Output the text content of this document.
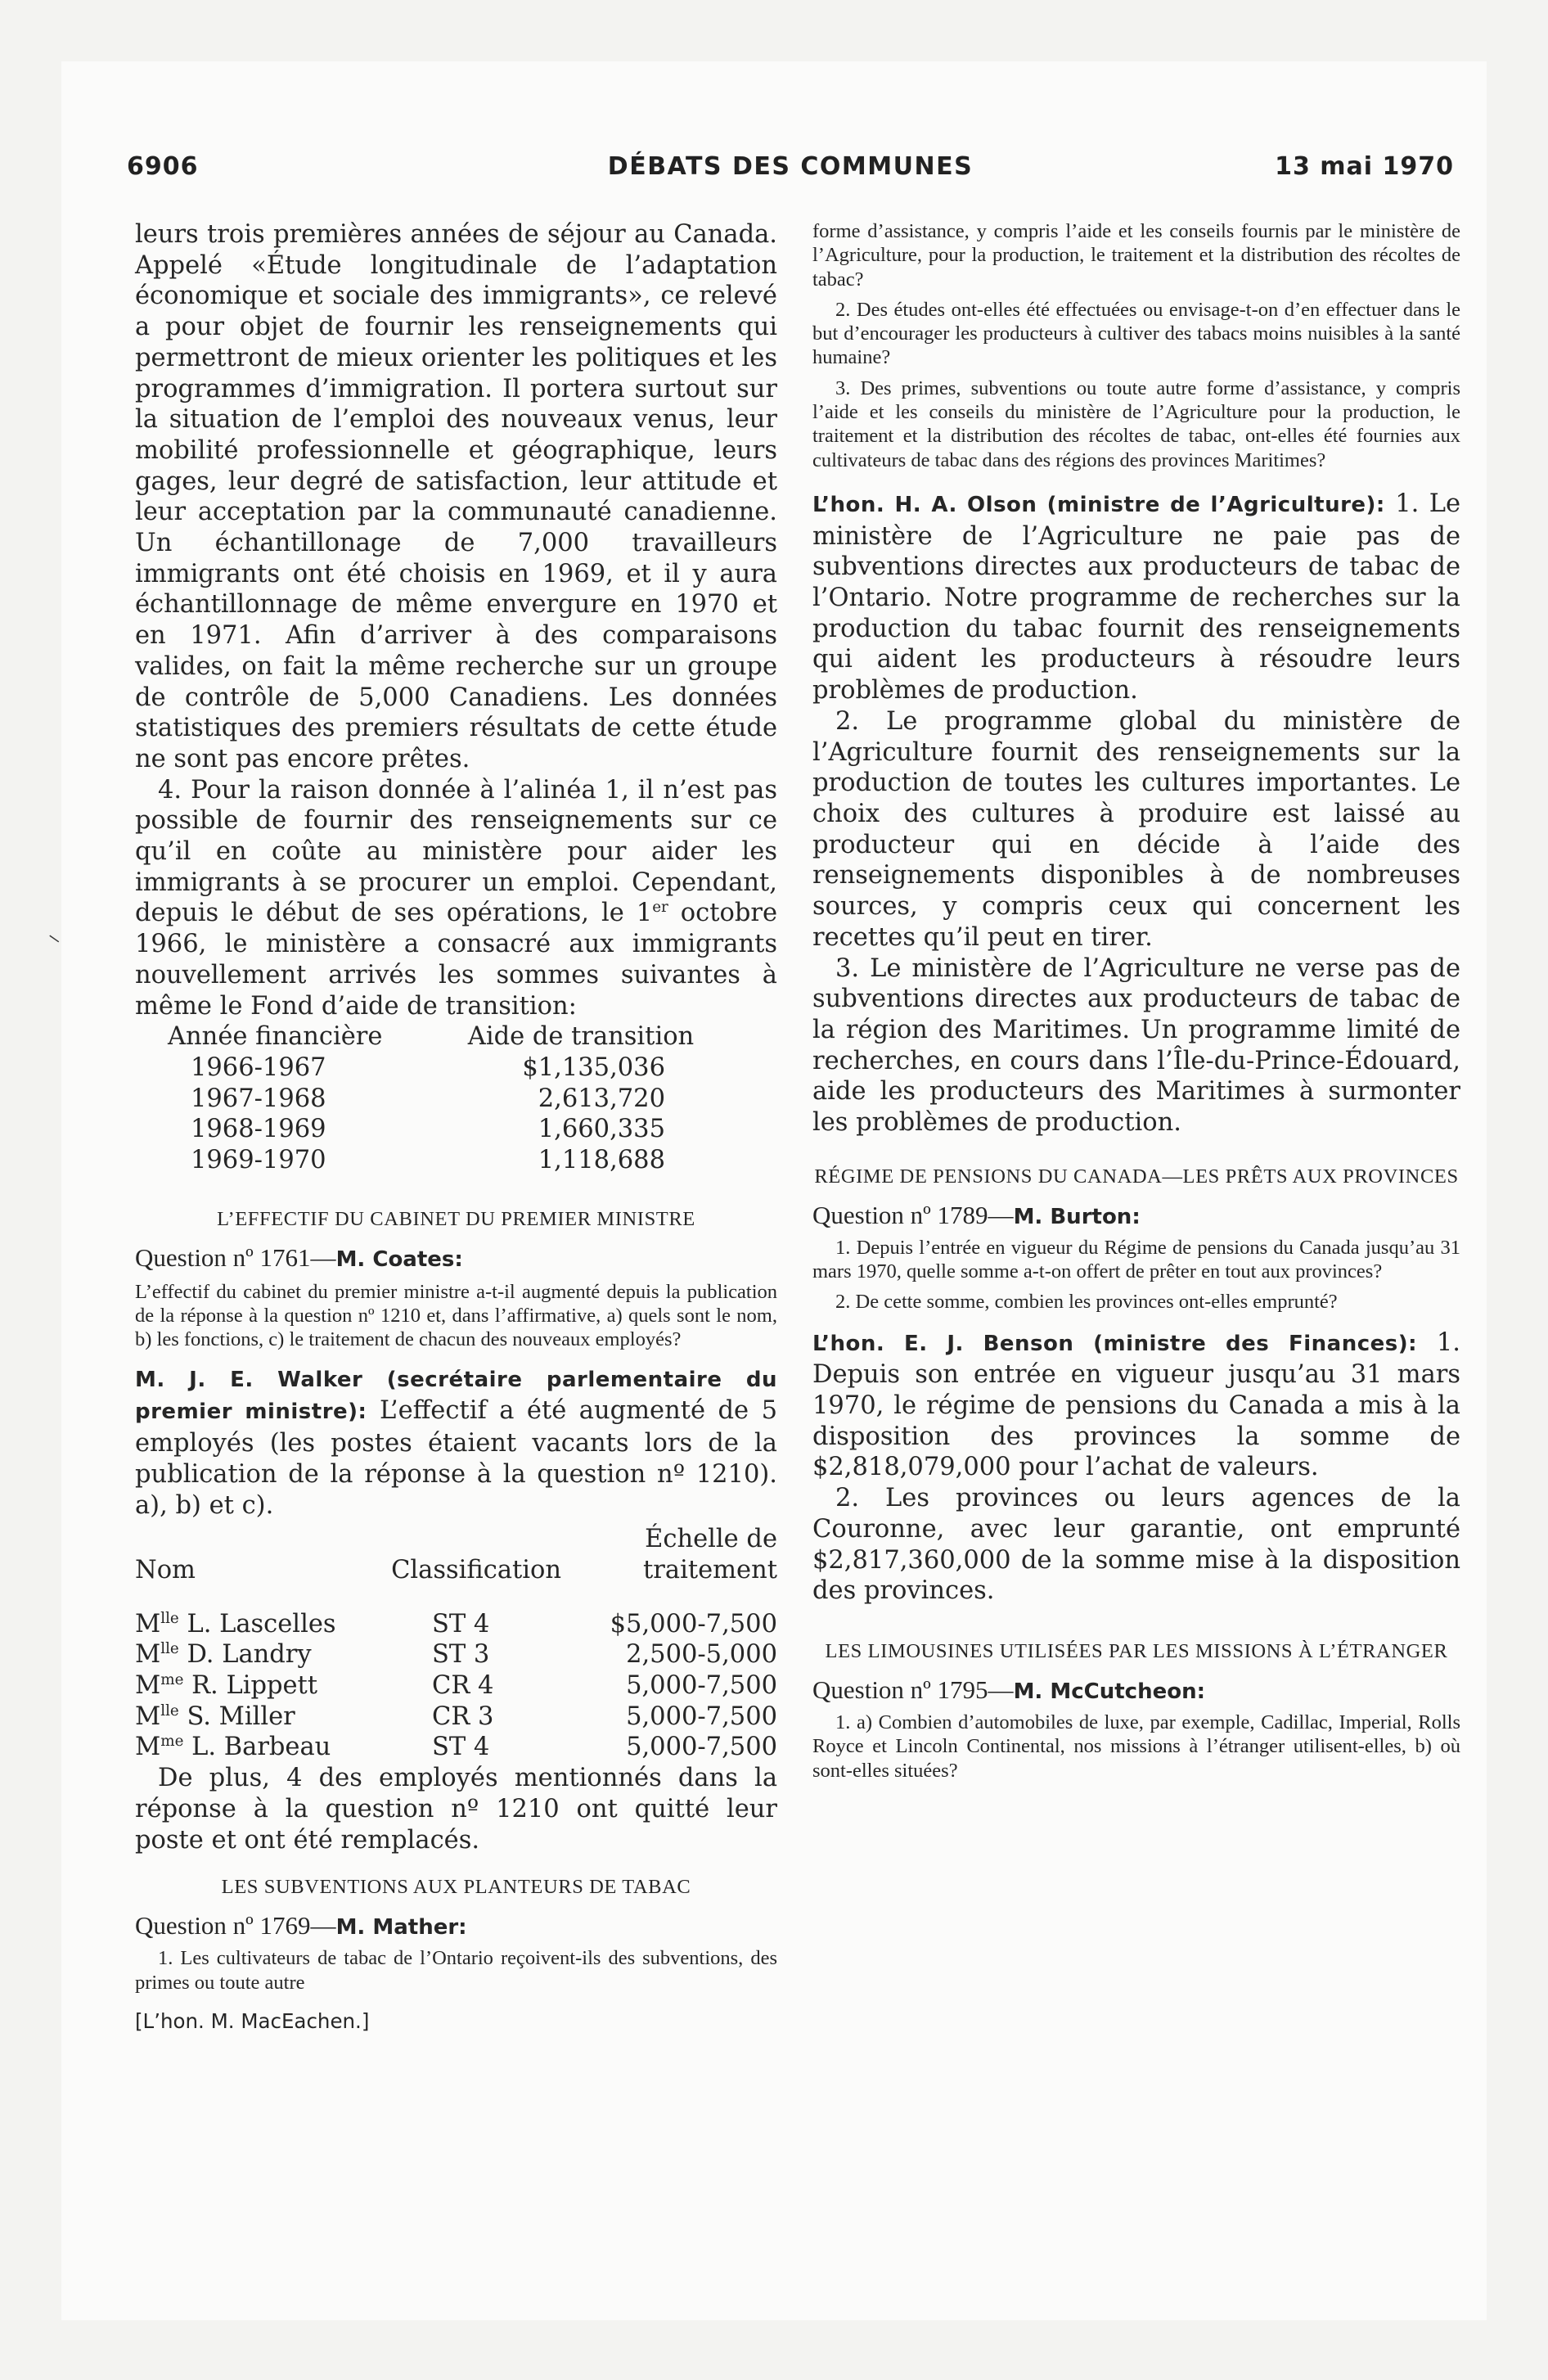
6906	DÉBATS DES COMMUNES	13 mai 1970
⸜

leurs trois premières années de séjour au Canada. Appelé «Étude longitudinale de l’adaptation économique et sociale des immigrants», ce relevé a pour objet de fournir les renseignements qui permettront de mieux orienter les politiques et les programmes d’immigration. Il portera surtout sur la situation de l’emploi des nouveaux venus, leur mobilité professionnelle et géographique, leurs gages, leur degré de satisfaction, leur attitude et leur acceptation par la communauté canadienne. Un échantillonage de 7,000 travailleurs immigrants ont été choisis en 1969, et il y aura échantillonnage de même envergure en 1970 et en 1971. Afin d’arriver à des comparaisons valides, on fait la même recherche sur un groupe de contrôle de 5,000 Canadiens. Les données statistiques des premiers résultats de cette étude ne sont pas encore prêtes.

4. Pour la raison donnée à l’alinéa 1, il n’est pas possible de fournir des renseignements sur ce qu’il en coûte au ministère pour aider les immigrants à se procurer un emploi. Cependant, depuis le début de ses opérations, le 1er octobre 1966, le ministère a consacré aux immigrants nouvellement arrivés les sommes suivantes à même le Fond d’aide de transition:

Année financière	Aide de transition
1966-1967	$1,135,036
1967-1968	2,613,720
1968-1969	1,660,335
1969-1970	1,118,688

L’EFFECTIF DU CABINET DU PREMIER MINISTRE

Question nº 1761—M. Coates:

L’effectif du cabinet du premier ministre a-t-il augmenté depuis la publication de la réponse à la question nº 1210 et, dans l’affirmative, a) quels sont le nom, b) les fonctions, c) le traitement de chacun des nouveaux employés?

M. J. E. Walker (secrétaire parlementaire du premier ministre): L’effectif a été augmenté de 5 employés (les postes étaient vacants lors de la publication de la réponse à la question nº 1210). a), b) et c).

Nom	Classification	Échelle de
traitement

$M^{lle}$ L. Lascelles	ST 4	$5,000-7,500
$M^{lle}$ D. Landry	ST 3	2,500-5,000
$M^{me}$ R. Lippett	CR 4	5,000-7,500
$M^{lle}$ S. Miller	CR 3	5,000-7,500
$M^{me}$ L. Barbeau	ST 4	5,000-7,500

De plus, 4 des employés mentionnés dans la réponse à la question nº 1210 ont quitté leur poste et ont été remplacés.

LES SUBVENTIONS AUX PLANTEURS DE TABAC

Question nº 1769—M. Mather:

1. Les cultivateurs de tabac de l’Ontario reçoivent-ils des subventions, des primes ou toute autre

[L’hon. M. MacEachen.]

forme d’assistance, y compris l’aide et les conseils fournis par le ministère de l’Agriculture, pour la production, le traitement et la distribution des récoltes de tabac?

2. Des études ont-elles été effectuées ou envisage-t-on d’en effectuer dans le but d’encourager les producteurs à cultiver des tabacs moins nuisibles à la santé humaine?

3. Des primes, subventions ou toute autre forme d’assistance, y compris l’aide et les conseils du ministère de l’Agriculture pour la production, le traitement et la distribution des récoltes de tabac, ont-elles été fournies aux cultivateurs de tabac dans des régions des provinces Maritimes?

L’hon. H. A. Olson (ministre de l’Agriculture): 1. Le ministère de l’Agriculture ne paie pas de subventions directes aux producteurs de tabac de l’Ontario. Notre programme de recherches sur la production du tabac fournit des renseignements qui aident les producteurs à résoudre leurs problèmes de production.

2. Le programme global du ministère de l’Agriculture fournit des renseignements sur la production de toutes les cultures importantes. Le choix des cultures à produire est laissé au producteur qui en décide à l’aide des renseignements disponibles à de nombreuses sources, y compris ceux qui concernent les recettes qu’il peut en tirer.

3. Le ministère de l’Agriculture ne verse pas de subventions directes aux producteurs de tabac de la région des Maritimes. Un programme limité de recherches, en cours dans l’Île-du-Prince-Édouard, aide les producteurs des Maritimes à surmonter les problèmes de production.

RÉGIME DE PENSIONS DU CANADA—LES PRÊTS AUX PROVINCES

Question nº 1789—M. Burton:

1. Depuis l’entrée en vigueur du Régime de pensions du Canada jusqu’au 31 mars 1970, quelle somme a-t-on offert de prêter en tout aux provinces?

2. De cette somme, combien les provinces ont-elles emprunté?

L’hon. E. J. Benson (ministre des Finances): 1. Depuis son entrée en vigueur jusqu’au 31 mars 1970, le régime de pensions du Canada a mis à la disposition des provinces la somme de $2,818,079,000 pour l’achat de valeurs.

2. Les provinces ou leurs agences de la Couronne, avec leur garantie, ont emprunté $2,817,360,000 de la somme mise à la disposition des provinces.

LES LIMOUSINES UTILISÉES PAR LES MISSIONS À L’ÉTRANGER

Question nº 1795—M. McCutcheon:

1. a) Combien d’automobiles de luxe, par exemple, Cadillac, Imperial, Rolls Royce et Lincoln Continental, nos missions à l’étranger utilisent-elles, b) où sont-elles situées?
